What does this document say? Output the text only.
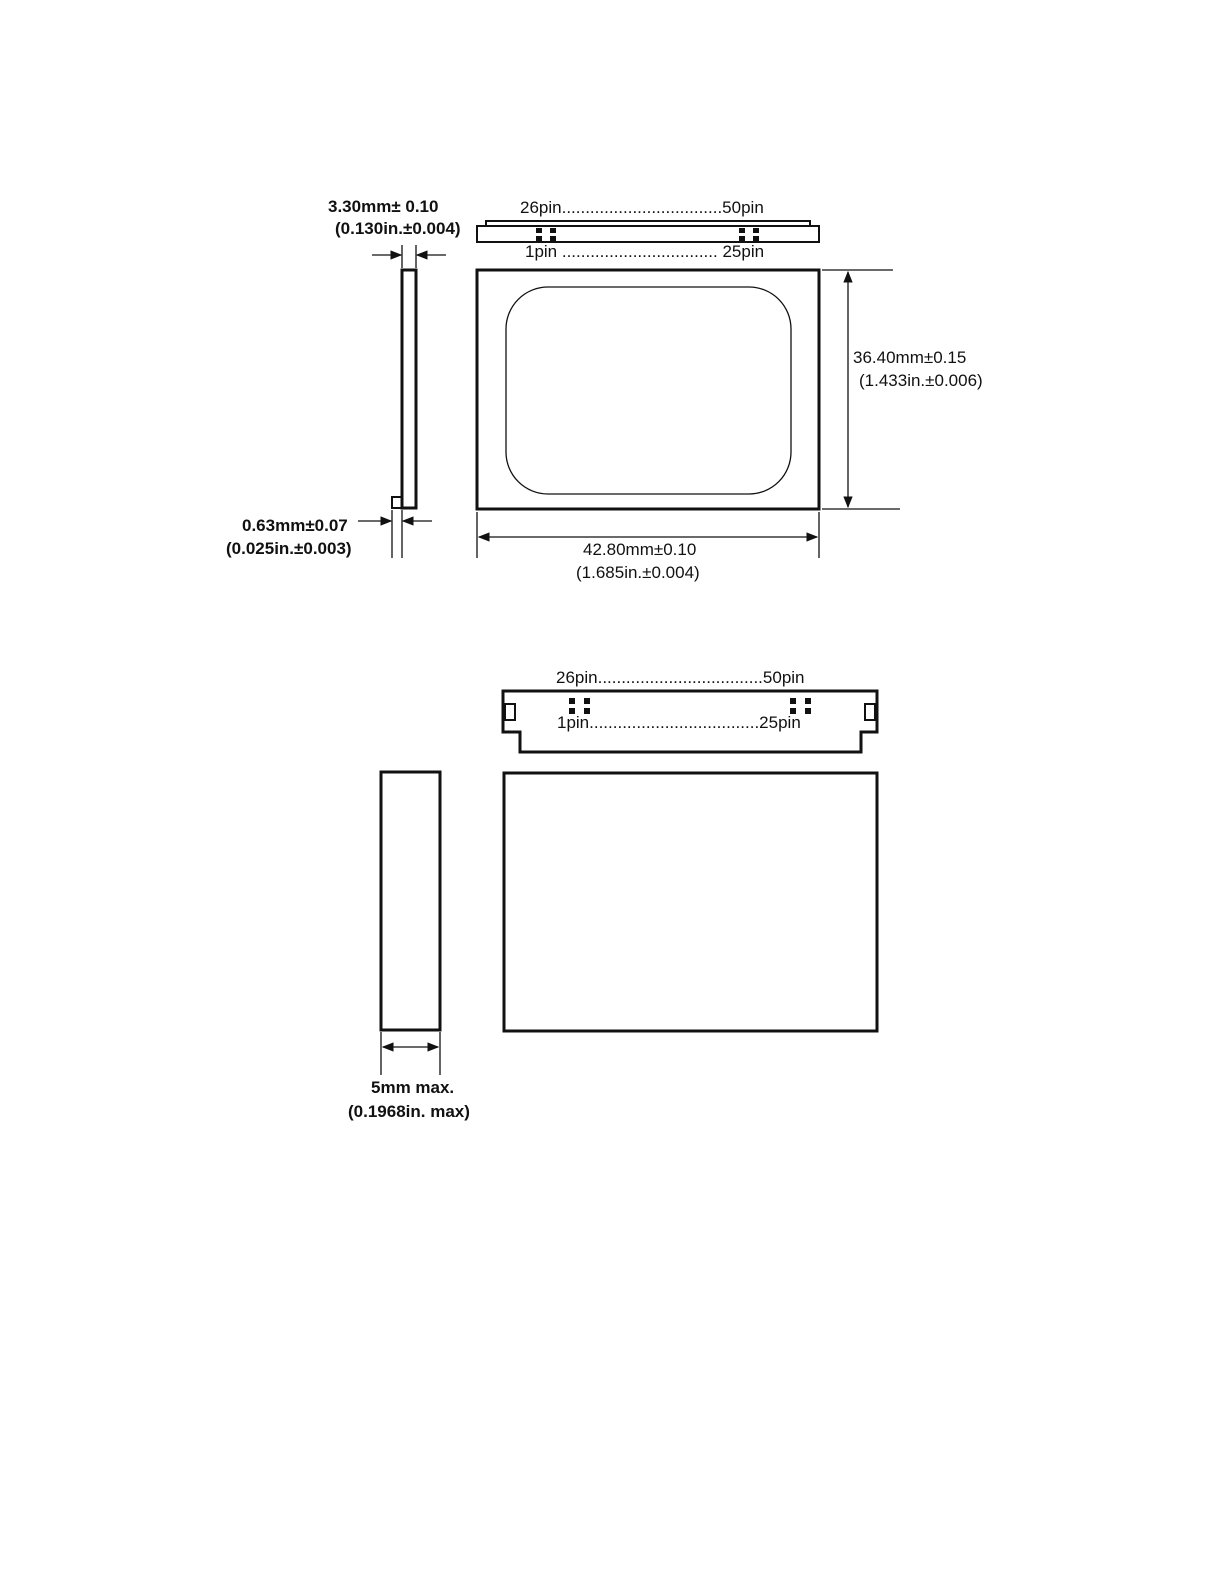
26pin..................................50pin
1pin ................................. 25pin
3.30mm± 0.10
(0.130in.±0.004)
0.63mm±0.07
(0.025in.±0.003)
36.40mm±0.15
(1.433in.±0.006)
42.80mm±0.10
(1.685in.±0.004)
26pin...................................50pin
1pin....................................25pin
5mm max.
(0.1968in. max)
